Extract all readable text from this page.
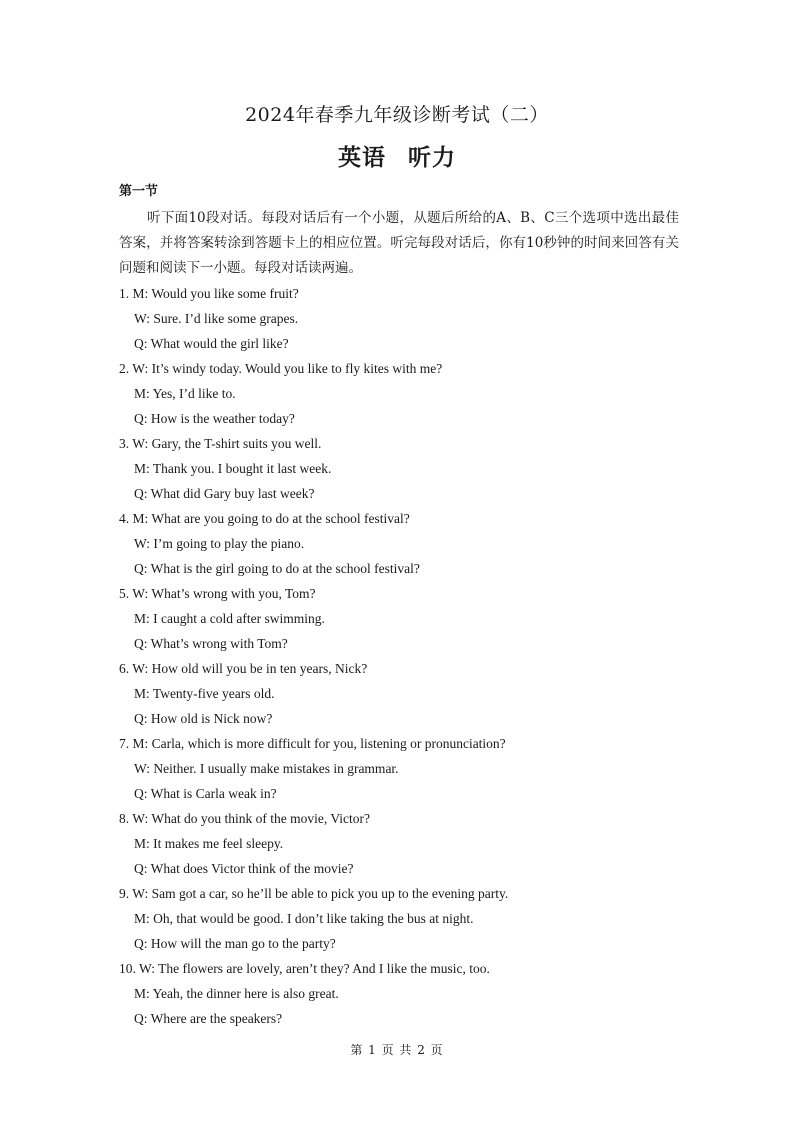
2024年春季九年级诊断考试（二）
英语 听力
第一节

听下面10段对话。每段对话后有一个小题，从题后所给的A、B、C三个选项中选出最佳答案，并将答案转涂到答题卡上的相应位置。听完每段对话后，你有10秒钟的时间来回答有关问题和阅读下一小题。每段对话读两遍。

1. M: Would you like some fruit?
W: Sure. I’d like some grapes.
Q: What would the girl like?
2. W: It’s windy today. Would you like to fly kites with me?
M: Yes, I’d like to.
Q: How is the weather today?
3. W: Gary, the T-shirt suits you well.
M: Thank you. I bought it last week.
Q: What did Gary buy last week?
4. M: What are you going to do at the school festival?
W: I’m going to play the piano.
Q: What is the girl going to do at the school festival?
5. W: What’s wrong with you, Tom?
M: I caught a cold after swimming.
Q: What’s wrong with Tom?
6. W: How old will you be in ten years, Nick?
M: Twenty-five years old.
Q: How old is Nick now?
7. M: Carla, which is more difficult for you, listening or pronunciation?
W: Neither. I usually make mistakes in grammar.
Q: What is Carla weak in?
8. W: What do you think of the movie, Victor?
M: It makes me feel sleepy.
Q: What does Victor think of the movie?
9. W: Sam got a car, so he’ll be able to pick you up to the evening party.
M: Oh, that would be good. I don’t like taking the bus at night.
Q: How will the man go to the party?
10. W: The flowers are lovely, aren’t they? And I like the music, too.
M: Yeah, the dinner here is also great.
Q: Where are the speakers?
第 1 页 共 2 页
